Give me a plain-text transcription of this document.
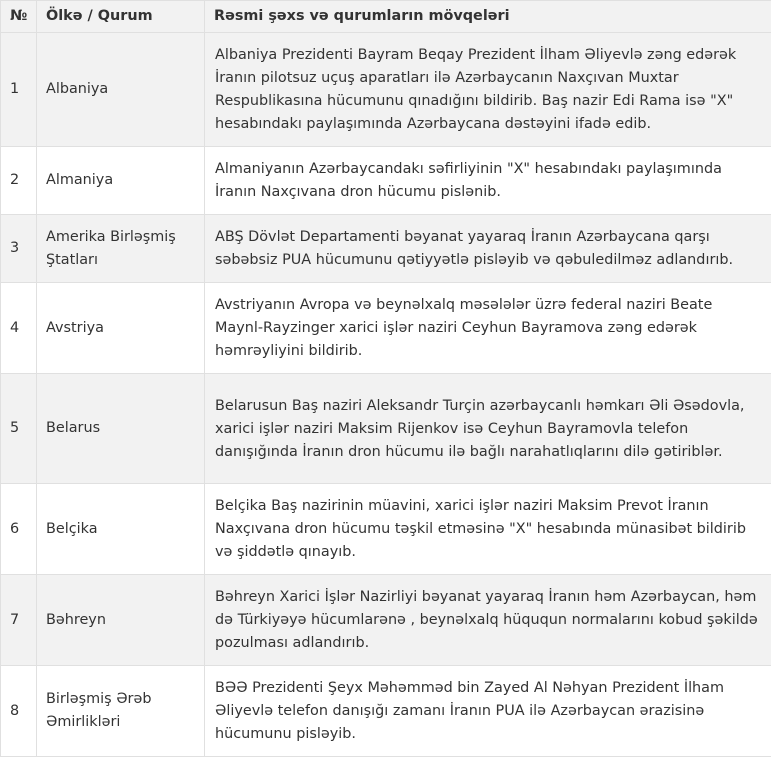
№	Ölkə / Qurum	Rəsmi şəxs və qurumların mövqeləri
1	Albaniya	Albaniya Prezidenti Bayram Beqay Prezident İlham Əliyevlə zəng edərək İranın pilotsuz uçuş aparatları ilə Azərbaycanın Naxçıvan Muxtar Respublikasına hücumunu qınadığını bildirib. Baş nazir Edi Rama isə "X" hesabındakı paylaşımında Azərbaycana dəstəyini ifadə edib.
2	Almaniya	Almaniyanın Azərbaycandakı səfirliyinin "X" hesabındakı paylaşımında İranın Naxçıvana dron hücumu pislənib.
3	Amerika Birləşmiş Ştatları	ABŞ Dövlət Departamenti bəyanat yayaraq İranın Azərbaycana qarşı səbəbsiz PUA hücumunu qətiyyətlə pisləyib və qəbuledilməz adlandırıb.
4	Avstriya	Avstriyanın Avropa və beynəlxalq məsələlər üzrə federal naziri Beate Maynl-Rayzinger xarici işlər naziri Ceyhun Bayramova zəng edərək həmrəyliyini bildirib.
5	Belarus	Belarusun Baş naziri Aleksandr Turçin azərbaycanlı həmkarı Əli Əsədovla, xarici işlər naziri Maksim Rijenkov isə Ceyhun Bayramovla telefon danışığında İranın dron hücumu ilə bağlı narahatlıqlarını dilə gətiriblər.
6	Belçika	Belçika Baş nazirinin müavini, xarici işlər naziri Maksim Prevot İranın Naxçıvana dron hücumu təşkil etməsinə "X" hesabında münasibət bildirib və şiddətlə qınayıb.
7	Bəhreyn	Bəhreyn Xarici İşlər Nazirliyi bəyanat yayaraq İranın həm Azərbaycan, həm də Türkiyəyə hücumlarənə , beynəlxalq hüququn normalarını kobud şəkildə pozulması adlandırıb.
8	Birləşmiş Ərəb Əmirlikləri	BƏƏ Prezidenti Şeyx Məhəmməd bin Zayed Al Nəhyan Prezident İlham Əliyevlə telefon danışığı zamanı İranın PUA ilə Azərbaycan ərazisinə hücumunu pisləyib.
